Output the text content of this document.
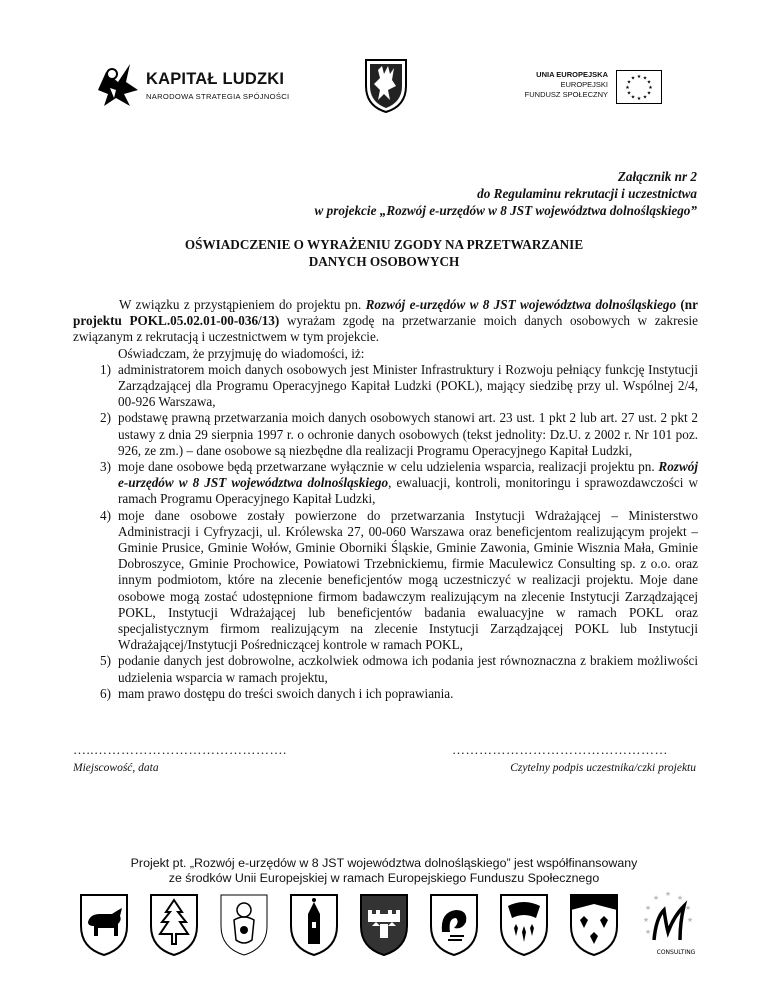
KAPITAŁ LUDZKI
NARODOWA STRATEGIA SPÓJNOŚCI
UNIA EUROPEJSKA
EUROPEJSKI
FUNDUSZ SPOŁECZNY
★ ★
★
★
★
★
★
★
★
★
★
★
Załącznik nr 2
do Regulaminu rekrutacji i uczestnictwa
w projekcie „Rozwój e-urzędów w 8 JST województwa dolnośląskiego”
OŚWIADCZENIE O WYRAŻENIU ZGODY NA PRZETWARZANIE
DANYCH OSOBOWYCH

W związku z przystąpieniem do projektu pn. Rozwój e-urzędów w 8 JST województwa dolnośląskiego (nr projektu POKL.05.02.01-00-036/13) wyrażam zgodę na przetwarzanie moich danych osobowych w zakresie związanym z rekrutacją i uczestnictwem w tym projekcie.

Oświadczam, że przyjmuję do wiadomości, iż:

1) administratorem moich danych osobowych jest Minister Infrastruktury i Rozwoju pełniący funkcję Instytucji Zarządzającej dla Programu Operacyjnego Kapitał Ludzki (POKL), mający siedzibę przy ul. Wspólnej 2/4, 00-926 Warszawa,
2) podstawę prawną przetwarzania moich danych osobowych stanowi art. 23 ust. 1 pkt 2 lub art. 27 ust. 2 pkt 2 ustawy z dnia 29 sierpnia 1997 r. o ochronie danych osobowych (tekst jednolity: Dz.U. z 2002 r. Nr 101 poz. 926, ze zm.) – dane osobowe są niezbędne dla realizacji Programu Operacyjnego Kapitał Ludzki,
3) moje dane osobowe będą przetwarzane wyłącznie w celu udzielenia wsparcia, realizacji projektu pn. Rozwój e-urzędów w 8 JST województwa dolnośląskiego, ewaluacji, kontroli, monitoringu i sprawozdawczości w ramach Programu Operacyjnego Kapitał Ludzki,
4) moje dane osobowe zostały powierzone do przetwarzania Instytucji Wdrażającej – Ministerstwo Administracji i Cyfryzacji, ul. Królewska 27, 00-060 Warszawa oraz beneficjentom realizującym projekt – Gminie Prusice, Gminie Wołów, Gminie Oborniki Śląskie, Gminie Zawonia, Gminie Wisznia Mała, Gminie Dobroszyce, Gminie Prochowice, Powiatowi Trzebnickiemu, firmie Maculewicz Consulting sp. z o.o. oraz innym podmiotom, które na zlecenie beneficjentów mogą uczestniczyć w realizacji projektu. Moje dane osobowe mogą zostać udostępnione firmom badawczym realizującym na zlecenie Instytucji Zarządzającej POKL, Instytucji Wdrażającej lub beneficjentów badania ewaluacyjne w ramach POKL oraz specjalistycznym firmom realizującym na zlecenie Instytucji Zarządzającej POKL lub Instytucji Wdrażającej/Instytucji Pośredniczącej kontrole w ramach POKL,
5) podanie danych jest dobrowolne, aczkolwiek odmowa ich podania jest równoznaczna z brakiem możliwości udzielenia wsparcia w ramach projektu,
6) mam prawo dostępu do treści swoich danych i ich poprawiania.
…..…………………………………….	…………………………………………
Miejscowość, data	Czytelny podpis uczestnika/czki projektu
Projekt pt. „Rozwój e-urzędów w 8 JST województwa dolnośląskiego” jest współfinansowany
ze środków Unii Europejskiej w ramach Europejskiego Funduszu Społecznego
★ ★
★
★
★
★
★
★
CONSULTING
